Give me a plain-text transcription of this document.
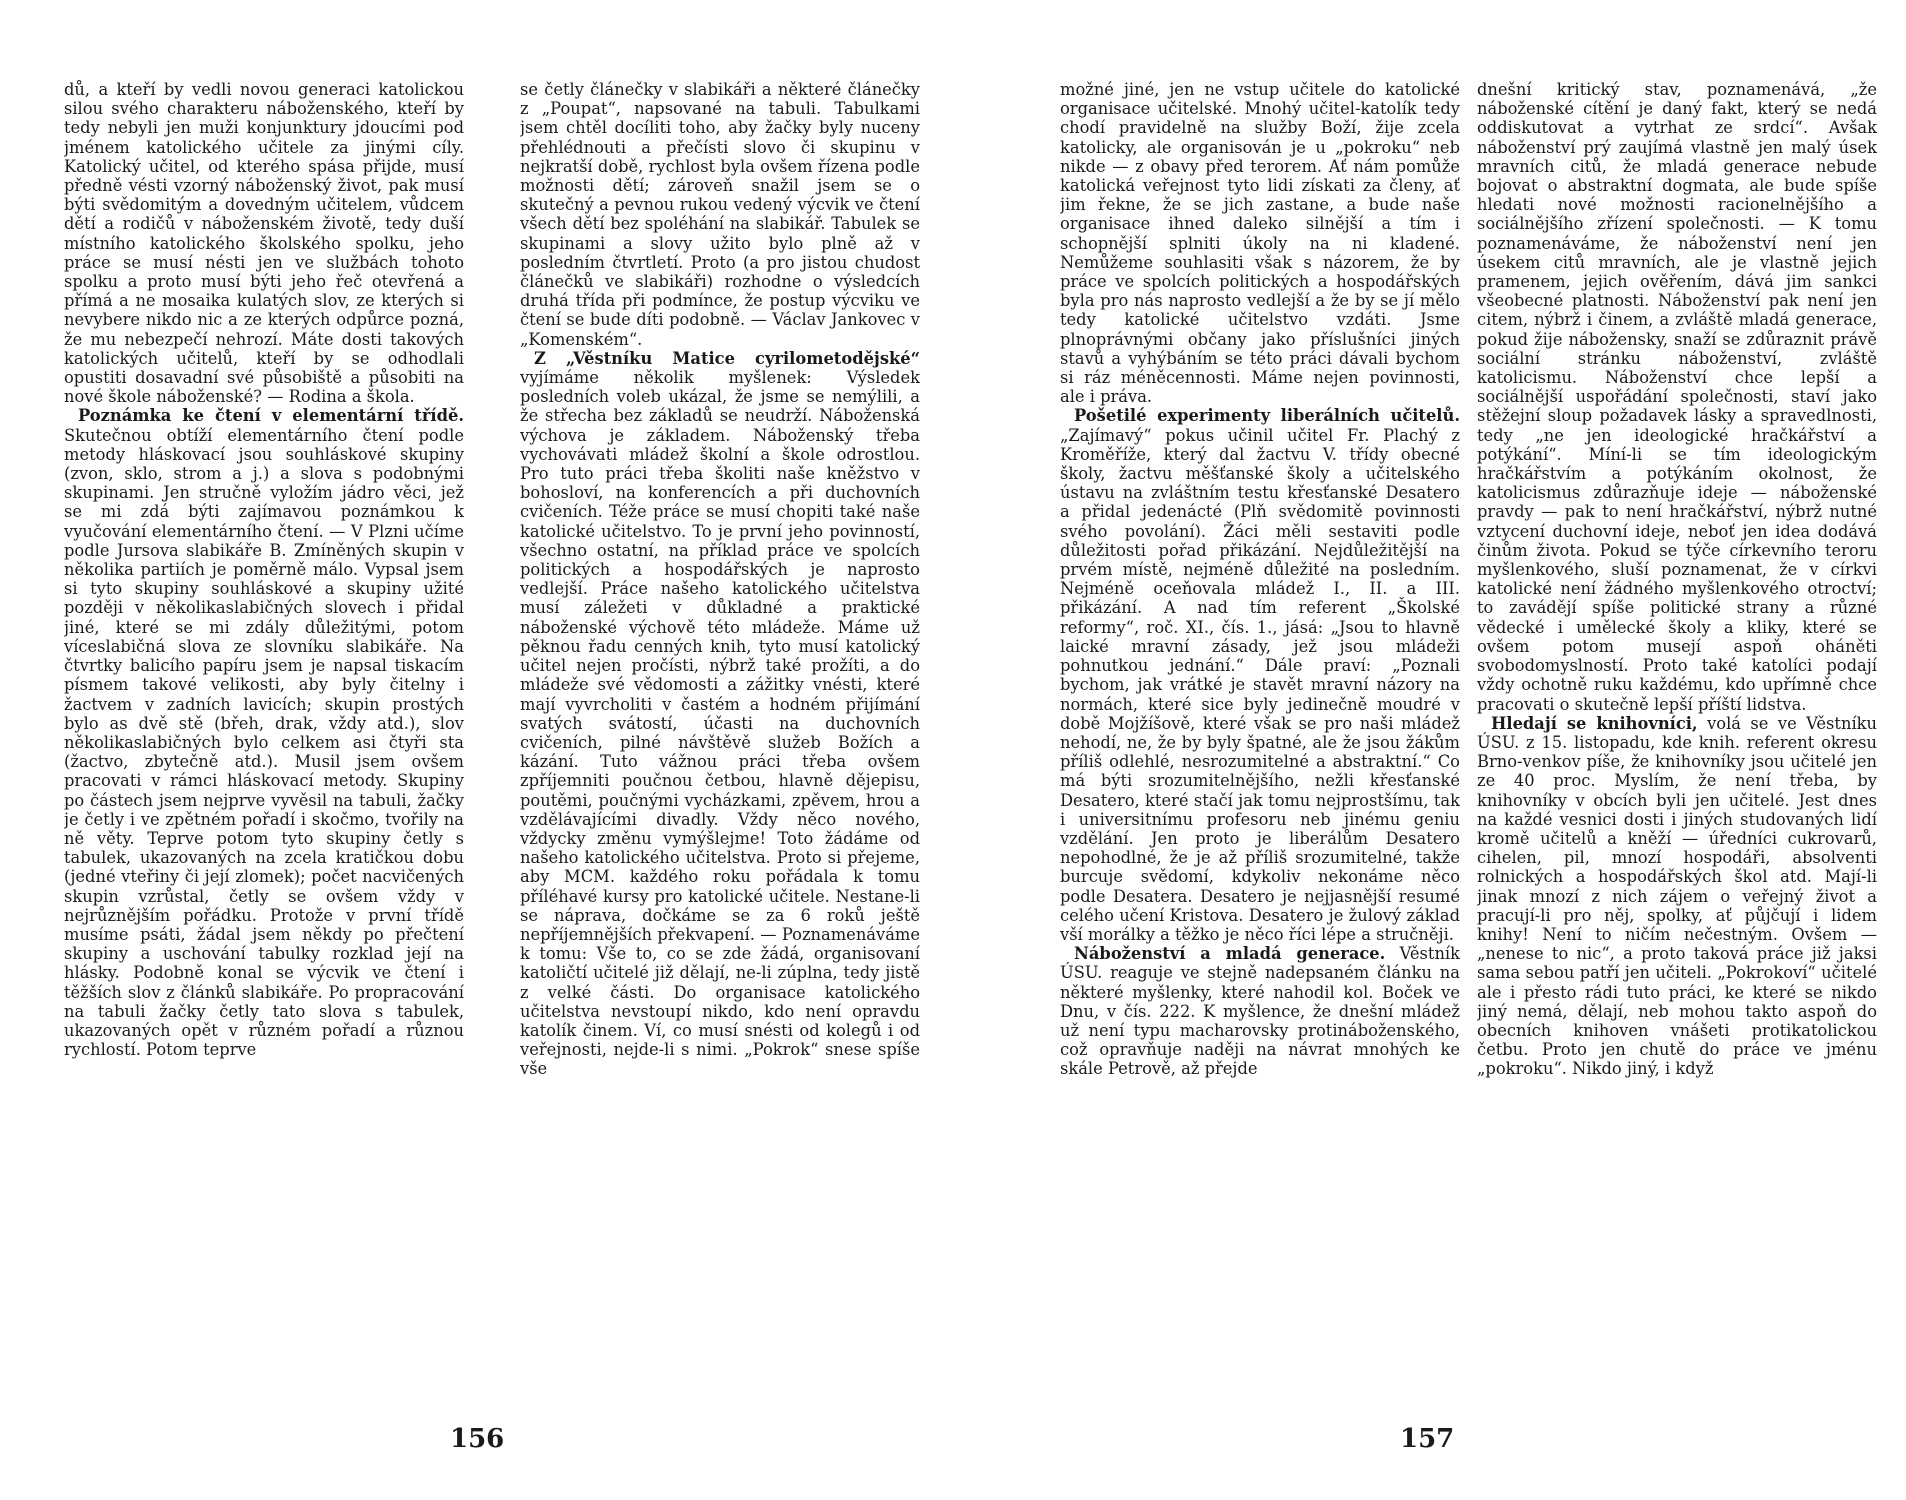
dů, a kteří by vedli novou generaci katolickou silou svého charakteru náboženského, kteří by tedy nebyli jen muži konjunktury jdoucími pod jménem katolického učitele za jinými cíly. Katolický učitel, od kterého spása přijde, musí předně vésti vzorný náboženský život, pak musí býti svědomitým a dovedným učitelem, vůdcem dětí a rodičů v náboženském životě, tedy duší místního katolického školského spolku, jeho práce se musí nésti jen ve službách tohoto spolku a proto musí býti jeho řeč otevřená a přímá a ne mosaika kulatých slov, ze kterých si nevybere nikdo nic a ze kterých odpůrce pozná, že mu nebezpečí nehrozí. Máte dosti takových katolických učitelů, kteří by se odhodlali opustiti dosavadní své působiště a působiti na nové škole náboženské? — Rodina a škola.

Poznámka ke čtení v elementární třídě. Skutečnou obtíží elementárního čtení podle metody hláskovací jsou souhláskové skupiny (zvon, sklo, strom a j.) a slova s podobnými skupinami. Jen stručně vyložím jádro věci, jež se mi zdá býti zajímavou poznámkou k vyučování elementárního čtení. — V Plzni učíme podle Jursova slabikáře B. Zmíněných skupin v několika partiích je poměrně málo. Vypsal jsem si tyto skupiny souhláskové a skupiny užité později v několikaslabičných slovech i přidal jiné, které se mi zdály důležitými, potom víceslabičná slova ze slovníku slabikáře. Na čtvrtky balicího papíru jsem je napsal tiskacím písmem takové velikosti, aby byly čitelny i žactvem v zadních lavicích; skupin prostých bylo as dvě stě (břeh, drak, vždy atd.), slov několikaslabičných bylo celkem asi čtyři sta (žactvo, zbytečně atd.). Musil jsem ovšem pracovati v rámci hláskovací metody. Skupiny po částech jsem nejprve vyvěsil na tabuli, žačky je četly i ve zpětném pořadí i skočmo, tvořily na ně věty. Teprve potom tyto skupiny četly s tabulek, ukazovaných na zcela kratičkou dobu (jedné vteřiny či její zlomek); počet nacvičených skupin vzrůstal, četly se ovšem vždy v nejrůznějším pořádku. Protože v první třídě musíme psáti, žádal jsem někdy po přečtení skupiny a uschování tabulky rozklad její na hlásky. Podobně konal se výcvik ve čtení i těžších slov z článků slabikáře. Po propracování na tabuli žačky četly tato slova s tabulek, ukazovaných opět v různém pořadí a různou rychlostí. Potom teprve

se četly článečky v slabikáři a některé článečky z „Poupat“, napsované na tabuli. Tabulkami jsem chtěl docíliti toho, aby žačky byly nuceny přehlédnouti a přečísti slovo či skupinu v nejkratší době, rychlost byla ovšem řízena podle možnosti dětí; zároveň snažil jsem se o skutečný a pevnou rukou vedený výcvik ve čtení všech dětí bez spoléhání na slabikář. Tabulek se skupinami a slovy užito bylo plně až v posledním čtvrtletí. Proto (a pro jistou chudost článečků ve slabikáři) rozhodne o výsledcích druhá třída při podmínce, že postup výcviku ve čtení se bude díti podobně. — Václav Jankovec v „Komenském“.

Z „Věstníku Matice cyrilometodějské“ vyjímáme několik myšlenek: Výsledek posledních voleb ukázal, že jsme se nemýlili, a že střecha bez základů se neudrží. Náboženská výchova je základem. Náboženský třeba vychovávati mládež školní a škole odrostlou. Pro tuto práci třeba školiti naše kněžstvo v bohosloví, na konferencích a při duchovních cvičeních. Téže práce se musí chopiti také naše katolické učitelstvo. To je první jeho povinností, všechno ostatní, na příklad práce ve spolcích politických a hospodářských je naprosto vedlejší. Práce našeho katolického učitelstva musí záležeti v důkladné a praktické náboženské výchově této mládeže. Máme už pěknou řadu cenných knih, tyto musí katolický učitel nejen pročísti, nýbrž také prožíti, a do mládeže své vědomosti a zážitky vnésti, které mají vyvrcholiti v častém a hodném přijímání svatých svátostí, účasti na duchovních cvičeních, pilné návštěvě služeb Božích a kázání. Tuto vážnou práci třeba ovšem zpříjemniti poučnou četbou, hlavně dějepisu, poutěmi, poučnými vycházkami, zpěvem, hrou a vzdělávajícími divadly. Vždy něco nového, vždycky změnu vymýšlejme! Toto žádáme od našeho katolického učitelstva. Proto si přejeme, aby MCM. každého roku pořádala k tomu příléhavé kursy pro katolické učitele. Nestane-li se náprava, dočkáme se za 6 roků ještě nepříjemnějších překvapení. — Poznamenáváme k tomu: Vše to, co se zde žádá, organisovaní katoličtí učitelé již dělají, ne-li zúplna, tedy jistě z velké části. Do organisace katolického učitelstva nevstoupí nikdo, kdo není opravdu katolík činem. Ví, co musí snésti od kolegů i od veřejnosti, nejde-li s nimi. „Pokrok“ snese spíše vše

156

možné jiné, jen ne vstup učitele do katolické organisace učitelské. Mnohý učitel-katolík tedy chodí pravidelně na služby Boží, žije zcela katolicky, ale organisován je u „pokroku“ neb nikde — z obavy před terorem. Ať nám pomůže katolická veřejnost tyto lidi získati za členy, ať jim řekne, že se jich zastane, a bude naše organisace ihned daleko silnější a tím i schopnější splniti úkoly na ni kladené. Nemůžeme souhlasiti však s názorem, že by práce ve spolcích politických a hospodářských byla pro nás naprosto vedlejší a že by se jí mělo tedy katolické učitelstvo vzdáti. Jsme plnoprávnými občany jako příslušníci jiných stavů a vyhýbáním se této práci dávali bychom si ráz méněcennosti. Máme nejen povinnosti, ale i práva.

Pošetilé experimenty liberálních učitelů. „Zajímavý“ pokus učinil učitel Fr. Plachý z Kroměříže, který dal žactvu V. třídy obecné školy, žactvu měšťanské školy a učitelského ústavu na zvláštním testu křesťanské Desatero a přidal jedenácté (Plň svědomitě povinnosti svého povolání). Žáci měli sestaviti podle důležitosti pořad přikázání. Nejdůležitější na prvém místě, nejméně důležité na posledním. Nejméně oceňovala mládež I., II. a III. přikázání. A nad tím referent „Školské reformy“, roč. XI., čís. 1., jásá: „Jsou to hlavně laické mravní zásady, jež jsou mládeži pohnutkou jednání.“ Dále praví: „Poznali bychom, jak vrátké je stavět mravní názory na normách, které sice byly jedinečně moudré v době Mojžíšově, které však se pro naši mládež nehodí, ne, že by byly špatné, ale že jsou žákům příliš odlehlé, nesrozumitelné a abstraktní.“ Co má býti srozumitelnějšího, nežli křesťanské Desatero, které stačí jak tomu nejprostšímu, tak i universitnímu profesoru neb jinému geniu vzdělání. Jen proto je liberálům Desatero nepohodlné, že je až příliš srozumitelné, takže burcuje svědomí, kdykoliv nekonáme něco podle Desatera. Desatero je nejjasnější resumé celého učení Kristova. Desatero je žulový základ vší morálky a těžko je něco říci lépe a stručněji.

Náboženství a mladá generace. Věstník ÚSU. reaguje ve stejně nadepsaném článku na některé myšlenky, které nahodil kol. Boček ve Dnu, v čís. 222. K myšlence, že dnešní mládež už není typu macharovsky protináboženského, což opravňuje naději na návrat mnohých ke skále Petrově, až přejde

dnešní kritický stav, poznamenává, „že náboženské cítění je daný fakt, který se nedá oddiskutovat a vytrhat ze srdcí“. Avšak náboženství prý zaujímá vlastně jen malý úsek mravních citů, že mladá generace nebude bojovat o abstraktní dogmata, ale bude spíše hledati nové možnosti racionelnějšího a sociálnějšího zřízení společnosti. — K tomu poznamenáváme, že náboženství není jen úsekem citů mravních, ale je vlastně jejich pramenem, jejich ověřením, dává jim sankci všeobecné platnosti. Náboženství pak není jen citem, nýbrž i činem, a zvláště mladá generace, pokud žije nábožensky, snaží se zdůraznit právě sociální stránku náboženství, zvláště katolicismu. Náboženství chce lepší a sociálnější uspořádání společnosti, staví jako stěžejní sloup požadavek lásky a spravedlnosti, tedy „ne jen ideologické hračkářství a potýkání“. Míní-li se tím ideologickým hračkářstvím a potýkáním okolnost, že katolicismus zdůrazňuje ideje — náboženské pravdy — pak to není hračkářství, nýbrž nutné vztycení duchovní ideje, neboť jen idea dodává činům života. Pokud se týče církevního teroru myšlenkového, sluší poznamenat, že v církvi katolické není žádného myšlenkového otroctví; to zavádějí spíše politické strany a různé vědecké i umělecké školy a kliky, které se ovšem potom musejí aspoň oháněti svobodomyslností. Proto také katolíci podají vždy ochotně ruku každému, kdo upřímně chce pracovati o skutečně lepší příští lidstva.

Hledají se knihovníci, volá se ve Věstníku ÚSU. z 15. listopadu, kde knih. referent okresu Brno-venkov píše, že knihovníky jsou učitelé jen ze 40 proc. Myslím, že není třeba, by knihovníky v obcích byli jen učitelé. Jest dnes na každé vesnici dosti i jiných studovaných lidí kromě učitelů a kněží — úředníci cukrovarů, cihelen, pil, mnozí hospodáři, absolventi rolnických a hospodářských škol atd. Mají-li jinak mnozí z nich zájem o veřejný život a pracují-li pro něj, spolky, ať půjčují i lidem knihy! Není to ničím nečestným. Ovšem — „nenese to nic“, a proto taková práce již jaksi sama sebou patří jen učiteli. „Pokrokoví“ učitelé ale i přesto rádi tuto práci, ke které se nikdo jiný nemá, dělají, neb mohou takto aspoň do obecních knihoven vnášeti protikatolickou četbu. Proto jen chutě do práce ve jménu „pokroku“. Nikdo jiný, i když

157
